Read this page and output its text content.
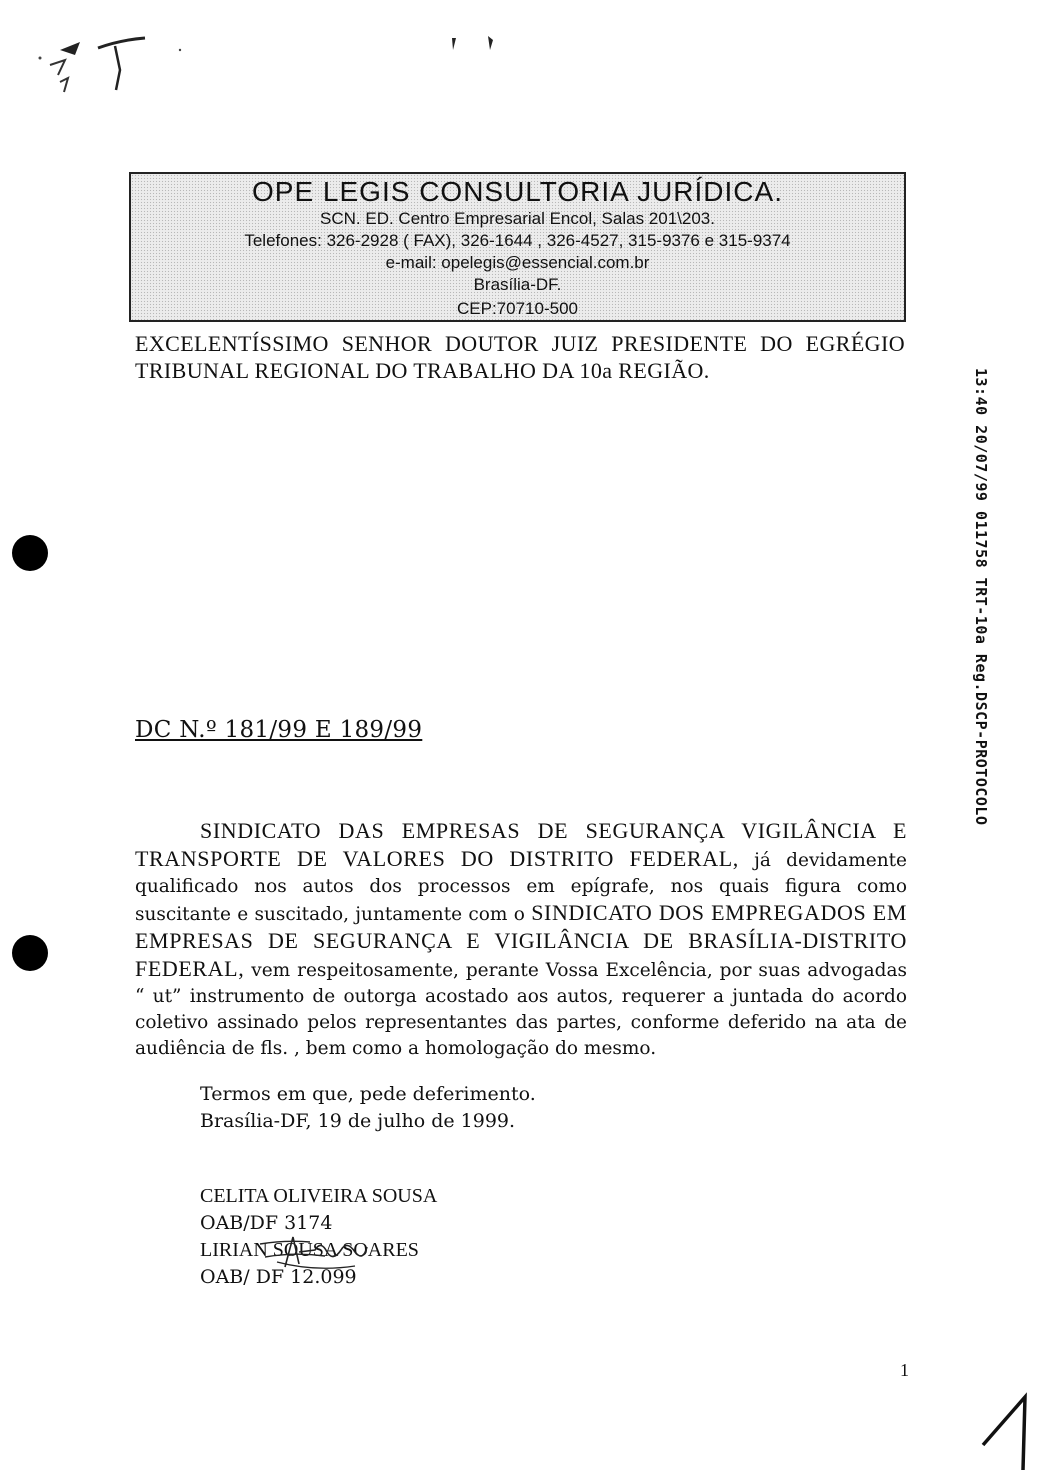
OPE LEGIS CONSULTORIA JURÍDICA.
SCN. ED. Centro Empresarial Encol, Salas 201\203.
Telefones: 326-2928 ( FAX), 326-1644 , 326-4527, 315-9376 e 315-9374
e-mail: opelegis@essencial.com.br
Brasília-DF.
CEP:70710-500
EXCELENTÍSSIMO SENHOR DOUTOR JUIZ PRESIDENTE DO EGRÉGIO
TRIBUNAL REGIONAL DO TRABALHO DA 10a REGIÃO.	13:40 20/07/99 011758 TRT-10a Reg.DSCP-PROTOCOLO
DC N.º 181/99 E 189/99
SINDICATO DAS EMPRESAS DE SEGURANÇA VIGILÂNCIA E TRANSPORTE DE VALORES DO DISTRITO FEDERAL, já devidamente qualificado nos autos dos processos em epígrafe, nos quais figura como suscitante e suscitado, juntamente com o SINDICATO DOS EMPREGADOS EM EMPRESAS DE SEGURANÇA E VIGILÂNCIA DE BRASÍLIA-DISTRITO FEDERAL, vem respeitosamente, perante Vossa Excelência, por suas advogadas “ ut” instrumento de outorga acostado aos autos, requerer a juntada do acordo coletivo assinado pelos representantes das partes, conforme deferido na ata de audiência de fls. , bem como a homologação do mesmo.
Termos em que, pede deferimento.
Brasília-DF, 19 de julho de 1999.
CELITA OLIVEIRA SOUSA
OAB/DF 3174
LIRIAN SOUSA SOARES
OAB/ DF 12.099
1
